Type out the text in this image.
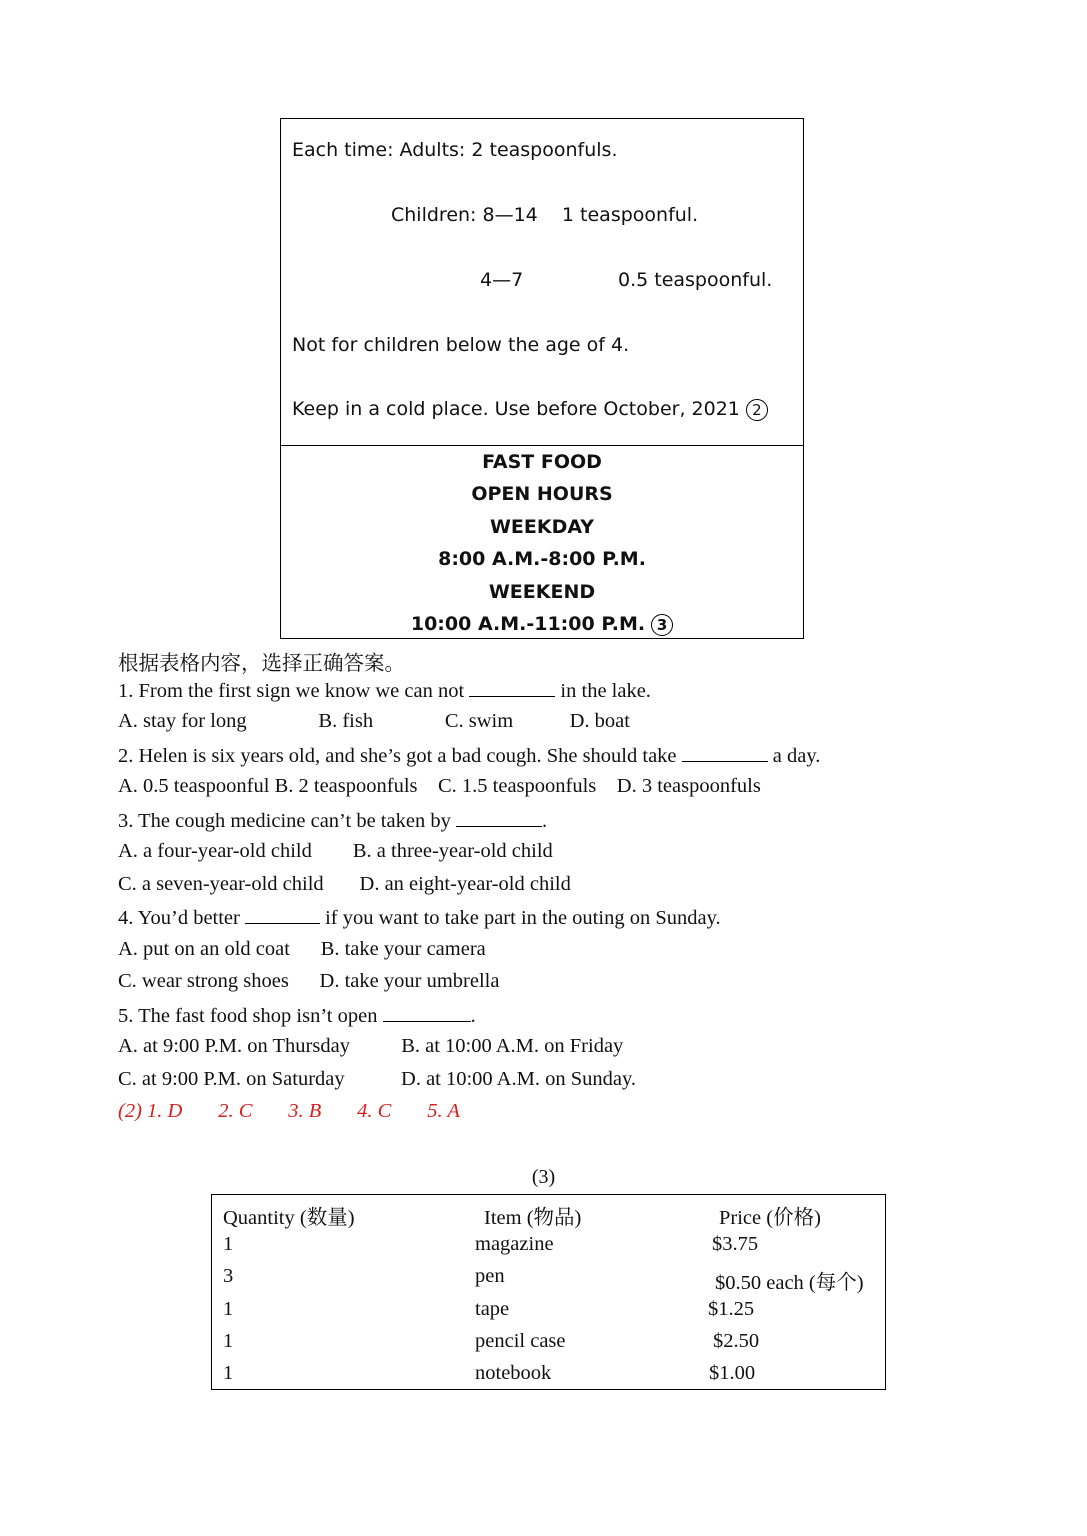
Each time: Adults: 2 teaspoonfuls.
Children: 8—14    1 teaspoonful.
4—7	0.5 teaspoonful.
Not for children below the age of 4.
Keep in a cold place. Use before October, 2021 2
FAST FOOD
OPEN HOURS
WEEKDAY
8:00 A.M.-8:00 P.M.
WEEKEND
10:00 A.M.-11:00 P.M. 3
根据表格内容，选择正确答案。
1. From the first sign we know we can not	in the lake.
A. stay for long              B. fish              C. swim           D. boat
2. Helen is six years old, and she’s got a bad cough. She should take	a day.
A. 0.5 teaspoonful B. 2 teaspoonfuls    C. 1.5 teaspoonfuls    D. 3 teaspoonfuls
3. The cough medicine can’t be taken by	.
A. a four-year-old child        B. a three-year-old child
C. a seven-year-old child       D. an eight-year-old child
4. You’d better	if you want to take part in the outing on Sunday.
A. put on an old coat      B. take your camera
C. wear strong shoes      D. take your umbrella
5. The fast food shop isn’t open	.
A. at 9:00 P.M. on Thursday          B. at 10:00 A.M. on Friday
C. at 9:00 P.M. on Saturday           D. at 10:00 A.M. on Sunday.
(2) 1. D       2. C       3. B       4. C       5. A
(3)
Quantity (数量)	Item (物品)	Price (价格)
1	magazine	$3.75
3	pen	$0.50 each (每个)
1	tape	$1.25
1	pencil case	$2.50
1	notebook	$1.00
